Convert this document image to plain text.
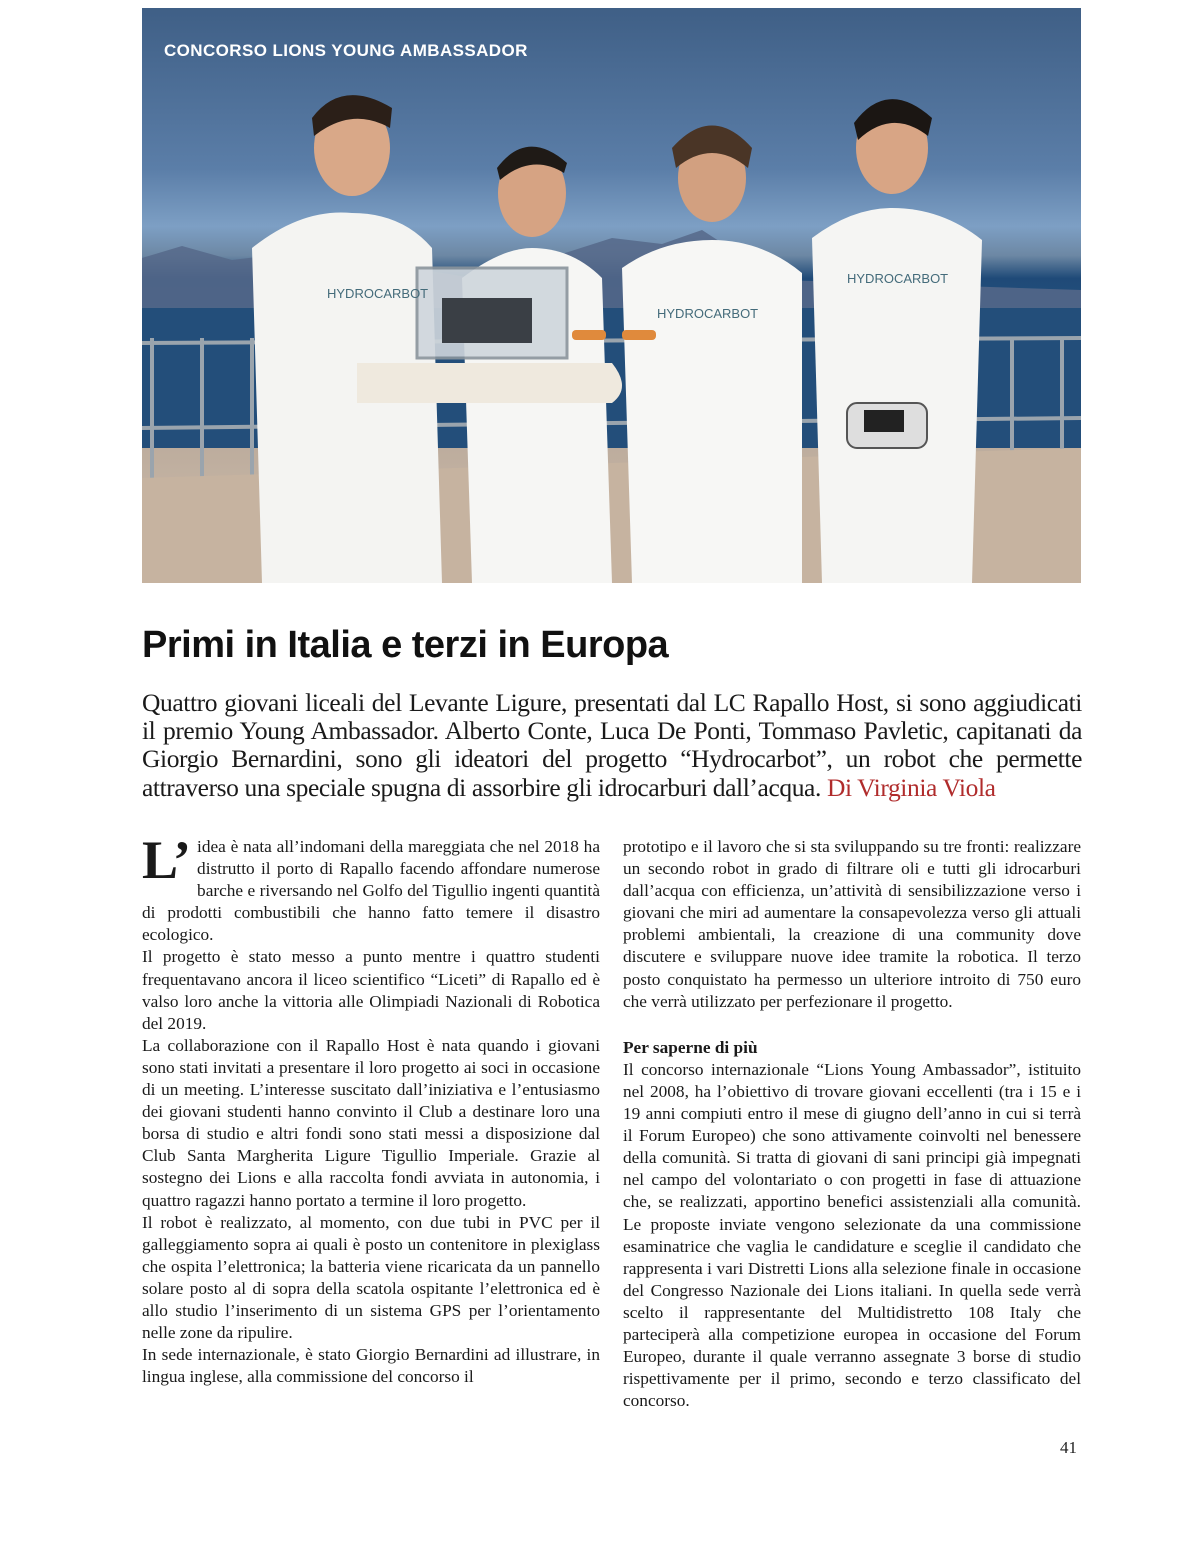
HYDROCARBOT
HYDROCARBOT
HYDROCARBOT
CONCORSO LIONS YOUNG AMBASSADOR
Primi in Italia e terzi in Europa

Quattro giovani liceali del Levante Ligure, presentati dal LC Rapallo Host, si sono aggiudicati il premio Young Ambassador. Alberto Conte, Luca De Ponti, Tommaso Pavletic, capitanati da Giorgio Bernardini, sono gli ideatori del progetto “Hydrocarbot”, un robot che permette attraverso una speciale spugna di assorbire gli idrocarburi dall’acqua. Di Virginia Viola

L’ idea è nata all’indomani della mareggiata che nel 2018 ha distrutto il porto di Rapallo facendo affondare numerose barche e riversando nel Golfo del Tigullio ingenti quantità di prodotti combustibili che hanno fatto temere il disastro ecologico.

Il progetto è stato messo a punto mentre i quattro studenti frequentavano ancora il liceo scientifico “Liceti” di Rapallo ed è valso loro anche la vittoria alle Olimpiadi Nazionali di Robotica del 2019.

La collaborazione con il Rapallo Host è nata quando i giovani sono stati invitati a presentare il loro progetto ai soci in occasione di un meeting. L’interesse suscitato dall’iniziativa e l’entusiasmo dei giovani studenti hanno convinto il Club a destinare loro una borsa di studio e altri fondi sono stati messi a disposizione dal Club Santa Margherita Ligure Tigullio Imperiale. Grazie al sostegno dei Lions e alla raccolta fondi avviata in autonomia, i quattro ragazzi hanno portato a termine il loro progetto.

Il robot è realizzato, al momento, con due tubi in PVC per il galleggiamento sopra ai quali è posto un contenitore in plexiglass che ospita l’elettronica; la batteria viene ricaricata da un pannello solare posto al di sopra della scatola ospitante l’elettronica ed è allo studio l’inserimento di un sistema GPS per l’orientamento nelle zone da ripulire.

In sede internazionale, è stato Giorgio Bernardini ad illustrare, in lingua inglese, alla commissione del concorso il

prototipo e il lavoro che si sta sviluppando su tre fronti: realizzare un secondo robot in grado di filtrare oli e tutti gli idrocarburi dall’acqua con efficienza, un’attività di sensibilizzazione verso i giovani che miri ad aumentare la consapevolezza verso gli attuali problemi ambientali, la creazione di una community dove discutere e sviluppare nuove idee tramite la robotica. Il terzo posto conquistato ha permesso un ulteriore introito di 750 euro che verrà utilizzato per perfezionare il progetto.

Per saperne di più

Il concorso internazionale “Lions Young Ambassador”, istituito nel 2008, ha l’obiettivo di trovare giovani eccellenti (tra i 15 e i 19 anni compiuti entro il mese di giugno dell’anno in cui si terrà il Forum Europeo) che sono attivamente coinvolti nel benessere della comunità. Si tratta di giovani di sani principi già impegnati nel campo del volontariato o con progetti in fase di attuazione che, se realizzati, apportino benefici assistenziali alla comunità. Le proposte inviate vengono selezionate da una commissione esaminatrice che vaglia le candidature e sceglie il candidato che rappresenta i vari Distretti Lions alla selezione finale in occasione del Congresso Nazionale dei Lions italiani. In quella sede verrà scelto il rappresentante del Multidistretto 108 Italy che parteciperà alla competizione europea in occasione del Forum Europeo, durante il quale verranno assegnate 3 borse di studio rispettivamente per il primo, secondo e terzo classificato del concorso.

41
